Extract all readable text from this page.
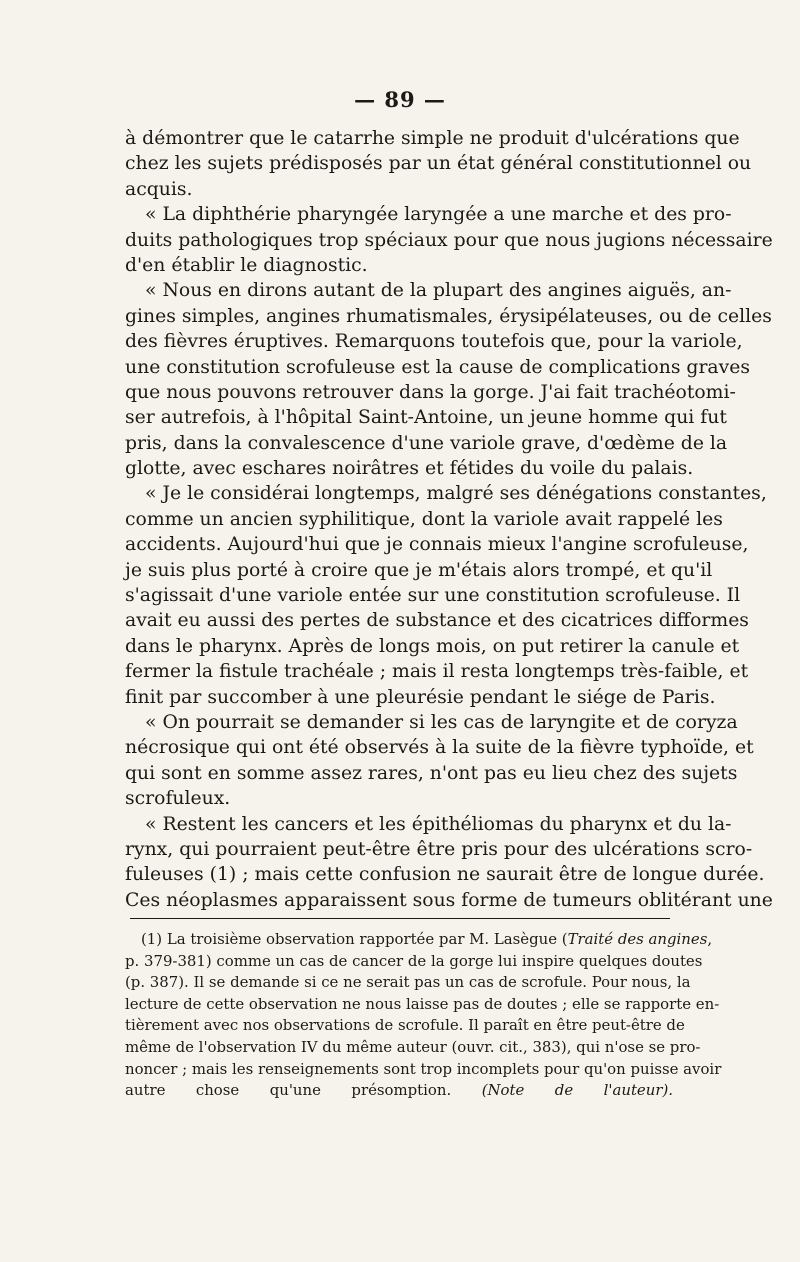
— 89 —
à démontrer que le catarrhe simple ne produit d'ulcérations que
chez les sujets prédisposés par un état général constitutionnel ou
acquis.
« La diphthérie pharyngée laryngée a une marche et des pro-
duits pathologiques trop spéciaux pour que nous jugions nécessaire
d'en établir le diagnostic.
« Nous en dirons autant de la plupart des angines aiguës, an-
gines simples, angines rhumatismales, érysipélateuses, ou de celles
des fièvres éruptives. Remarquons toutefois que, pour la variole,
une constitution scrofuleuse est la cause de complications graves
que nous pouvons retrouver dans la gorge. J'ai fait trachéotomi-
ser autrefois, à l'hôpital Saint-Antoine, un jeune homme qui fut
pris, dans la convalescence d'une variole grave, d'œdème de la
glotte, avec eschares noirâtres et fétides du voile du palais.
« Je le considérai longtemps, malgré ses dénégations constantes,
comme un ancien syphilitique, dont la variole avait rappelé les
accidents. Aujourd'hui que je connais mieux l'angine scrofuleuse,
je suis plus porté à croire que je m'étais alors trompé, et qu'il
s'agissait d'une variole entée sur une constitution scrofuleuse. Il
avait eu aussi des pertes de substance et des cicatrices difformes
dans le pharynx. Après de longs mois, on put retirer la canule et
fermer la fistule trachéale ; mais il resta longtemps très-faible, et
finit par succomber à une pleurésie pendant le siége de Paris.
« On pourrait se demander si les cas de laryngite et de coryza
nécrosique qui ont été observés à la suite de la fièvre typhoïde, et
qui sont en somme assez rares, n'ont pas eu lieu chez des sujets
scrofuleux.
« Restent les cancers et les épithéliomas du pharynx et du la-
rynx, qui pourraient peut-être être pris pour des ulcérations scro-
fuleuses (1) ; mais cette confusion ne saurait être de longue durée.
Ces néoplasmes apparaissent sous forme de tumeurs oblitérant une
(1) La troisième observation rapportée par M. Lasègue (Traité des angines,
p. 379-381) comme un cas de cancer de la gorge lui inspire quelques doutes
(p. 387). Il se demande si ce ne serait pas un cas de scrofule. Pour nous, la
lecture de cette observation ne nous laisse pas de doutes ; elle se rapporte en-
tièrement avec nos observations de scrofule. Il paraît en être peut-être de
même de l'observation IV du même auteur (ouvr. cit., 383), qui n'ose se pro-
noncer ; mais les renseignements sont trop incomplets pour qu'on puisse avoir
autre chose qu'une présomption. (Note de l'auteur).
